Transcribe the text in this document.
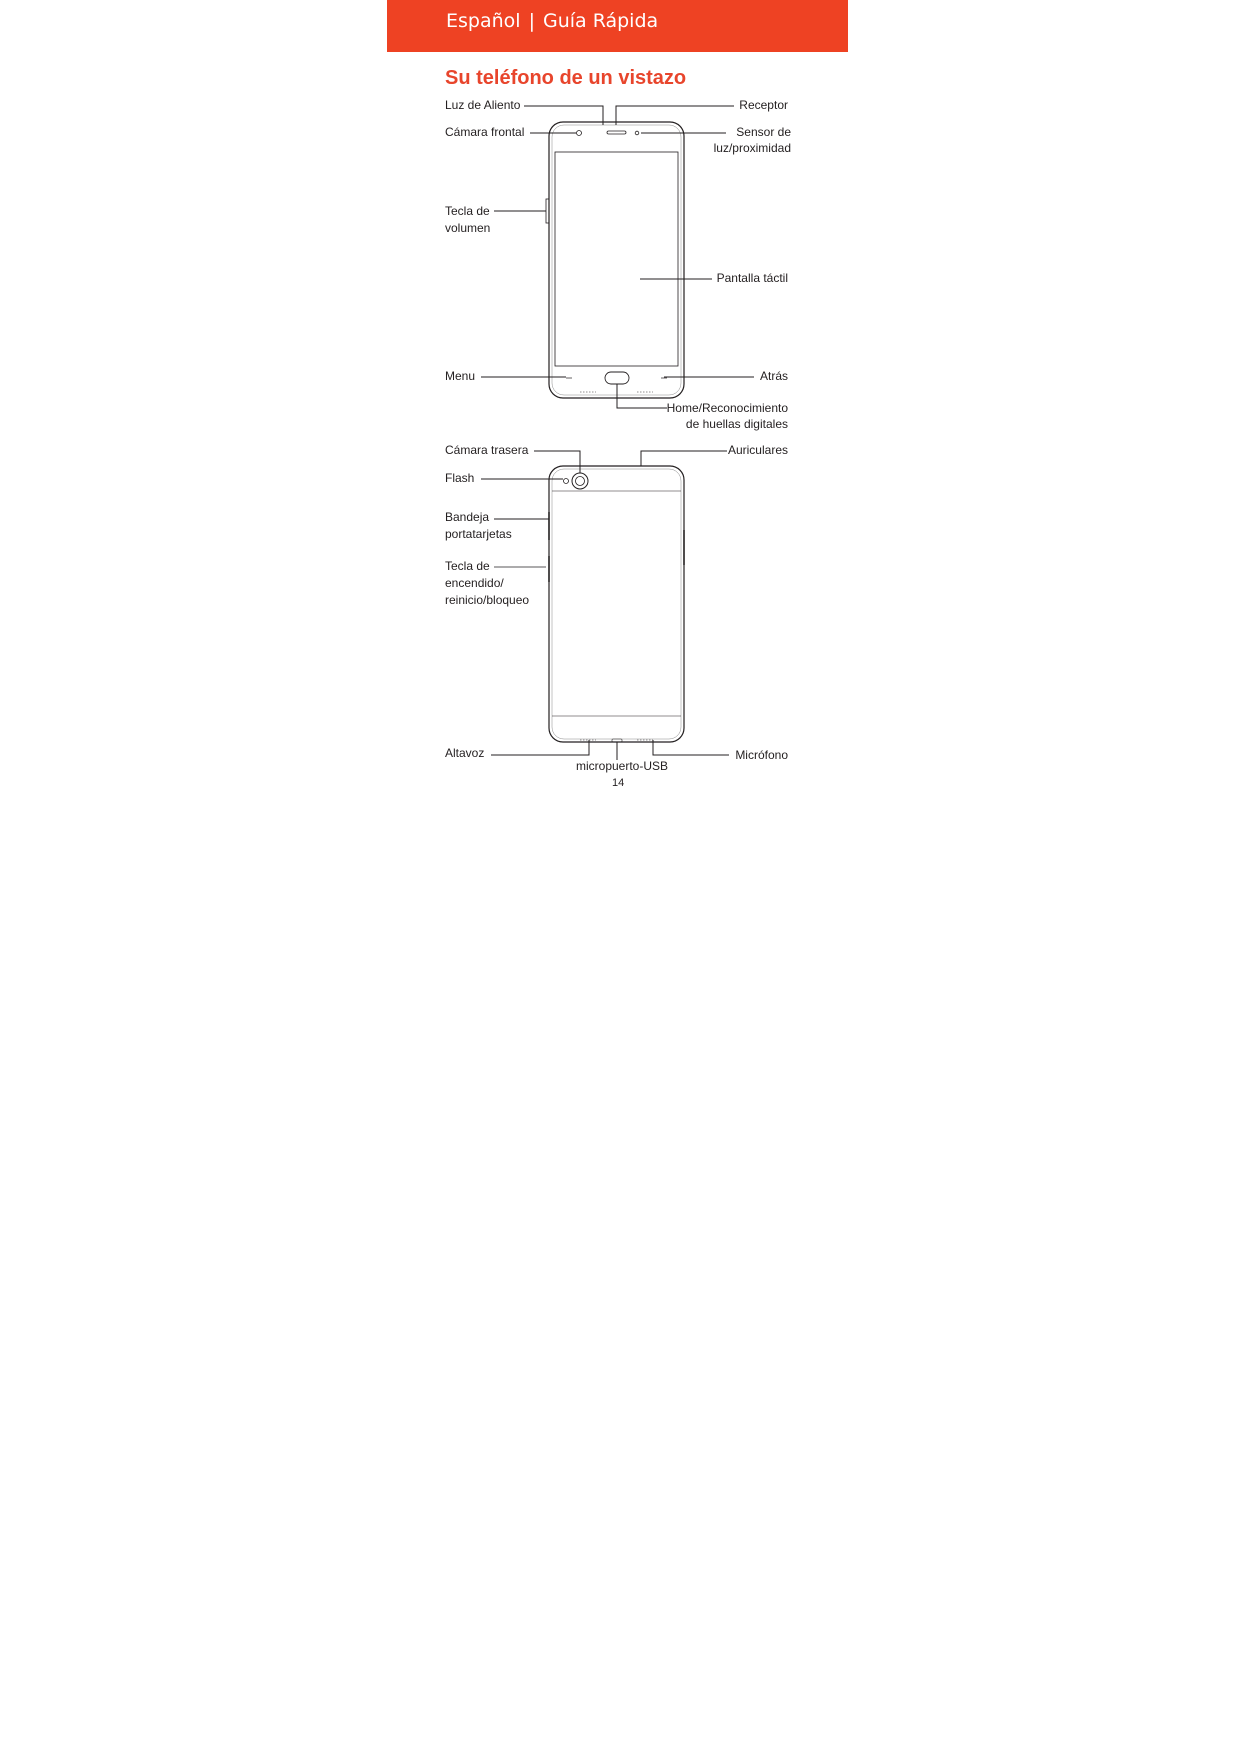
Español | Guía Rápida
Su teléfono de un vistazo
Luz de Aliento	Receptor
Cámara frontal	Sensor de
luz/proximidad
Tecla de
volumen
Pantalla táctil
Menu	Atrás
Home/Reconocimiento
de huellas digitales
Cámara trasera	Auriculares
Flash
Bandeja
portatarjetas
Tecla de
encendido/
reinicio/bloqueo
Altavoz	Micrófono
micropuerto-USB
14
